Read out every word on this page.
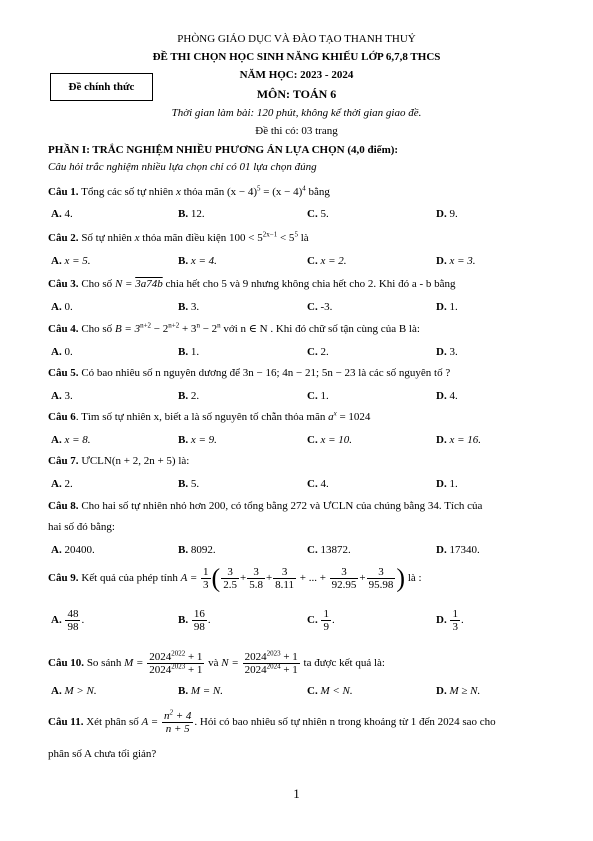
PHÒNG GIÁO DỤC VÀ ĐÀO TẠO THANH THUỶ
ĐỀ THI CHỌN HỌC SINH NĂNG KHIẾU LỚP 6,7,8 THCS
NĂM HỌC: 2023 - 2024
MÔN: TOÁN 6
Thời gian làm bài: 120 phút, không kể thời gian giao đề.
Đề thi có: 03 trang
Đề chính thức
PHẦN I: TRẮC NGHIỆM NHIỀU PHƯƠNG ÁN LỰA CHỌN (4,0 điểm):
Câu hỏi trắc nghiệm nhiều lựa chọn chỉ có 01 lựa chọn đúng
Câu 1. Tổng các số tự nhiên x thỏa mãn $(x - 4)^5 = (x - 4)^4$ bằng
A. 4.	B. 12.	C. 5.	D. 9.
Câu 2. Số tự nhiên x thỏa mãn điều kiện $100 < 5^{2x-1} < 5^5$ là
A. x = 5.	B. x = 4.	C. x = 2.	D. x = 3.
Câu 3. Cho số N = 3a74b chia hết cho 5 và 9 nhưng không chia hết cho 2. Khi đó a - b bằng
A. 0.	B. 3.	C. -3.	D. 1.
Câu 4. Cho số $B = 3^{n+2} - 2^{n+2} + 3^n - 2^n$ với n ∈ N . Khi đó chữ số tận cùng của B là:
A. 0.	B. 1.	C. 2.	D. 3.
Câu 5. Có bao nhiêu số n nguyên dương để 3n − 16; 4n − 21; 5n − 23 là các số nguyên tố ?
A. 3.	B. 2.	C. 1.	D. 4.
Câu 6. Tìm số tự nhiên x, biết a là số nguyên tố chẵn thỏa mãn $a^x = 1024$
A. x = 8.	B. x = 9.	C. x = 10.	D. x = 16.
Câu 7. ƯCLN(n + 2, 2n + 5) là:
A. 2.	B. 5.	C. 4.	D. 1.
Câu 8. Cho hai số tự nhiên nhỏ hơn 200, có tổng bằng 272 và ƯCLN của chúng bằng 34. Tích của
hai số đó bằng:
A. 20400.	B. 8092.	C. 13872.	D. 17340.
Câu 9. Kết quả của phép tính $A = \frac{1}{3}$ ( $\frac{3}{2.5} + \frac{3}{5.8} + \frac{3}{8.11}$ + ... + $\frac{3}{92.95} + \frac{3}{95.98}$ ) là :
A. $\frac{48}{98}$ .	B. $\frac{16}{98}$ .	C. $\frac{1}{9}$ .	D. $\frac{1}{3}$ .
Câu 10. So sánh $M = \frac{2024^{2022} + 1}{2024^{2023} + 1}$ và $N = \frac{2024^{2023} + 1}{2024^{2024} + 1}$ ta được kết quả là:
A. M > N.	B. M = N.	C. M < N.	D. M ≥ N.
Câu 11. Xét phân số $A = \frac{n^2 + 4}{n + 5}$ . Hỏi có bao nhiêu số tự nhiên n trong khoảng từ 1 đến 2024 sao cho
phân số A chưa tối giản?
1
